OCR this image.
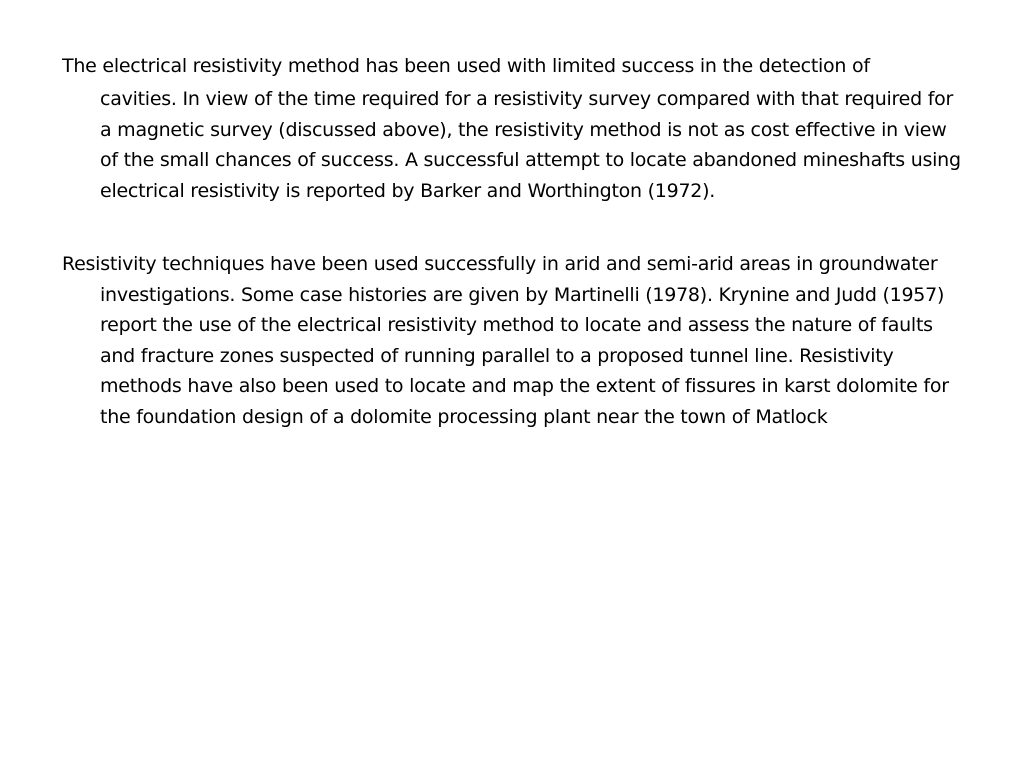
The electrical resistivity method has been used with limited success in the detection of
cavities. In view of the time required for a resistivity survey compared with that required for a magnetic survey (discussed above), the resistivity method is not as cost effective in view of the small chances of success. A successful attempt to locate abandoned mineshafts using electrical resistivity is reported by Barker and Worthington (1972).

Resistivity techniques have been used successfully in arid and semi-arid areas in groundwater investigations. Some case histories are given by Martinelli (1978). Krynine and Judd (1957) report the use of the electrical resistivity method to locate and assess the nature of faults and fracture zones suspected of running parallel to a proposed tunnel line. Resistivity methods have also been used to locate and map the extent of fissures in karst dolomite for the foundation design of a dolomite processing plant near the town of Matlock
